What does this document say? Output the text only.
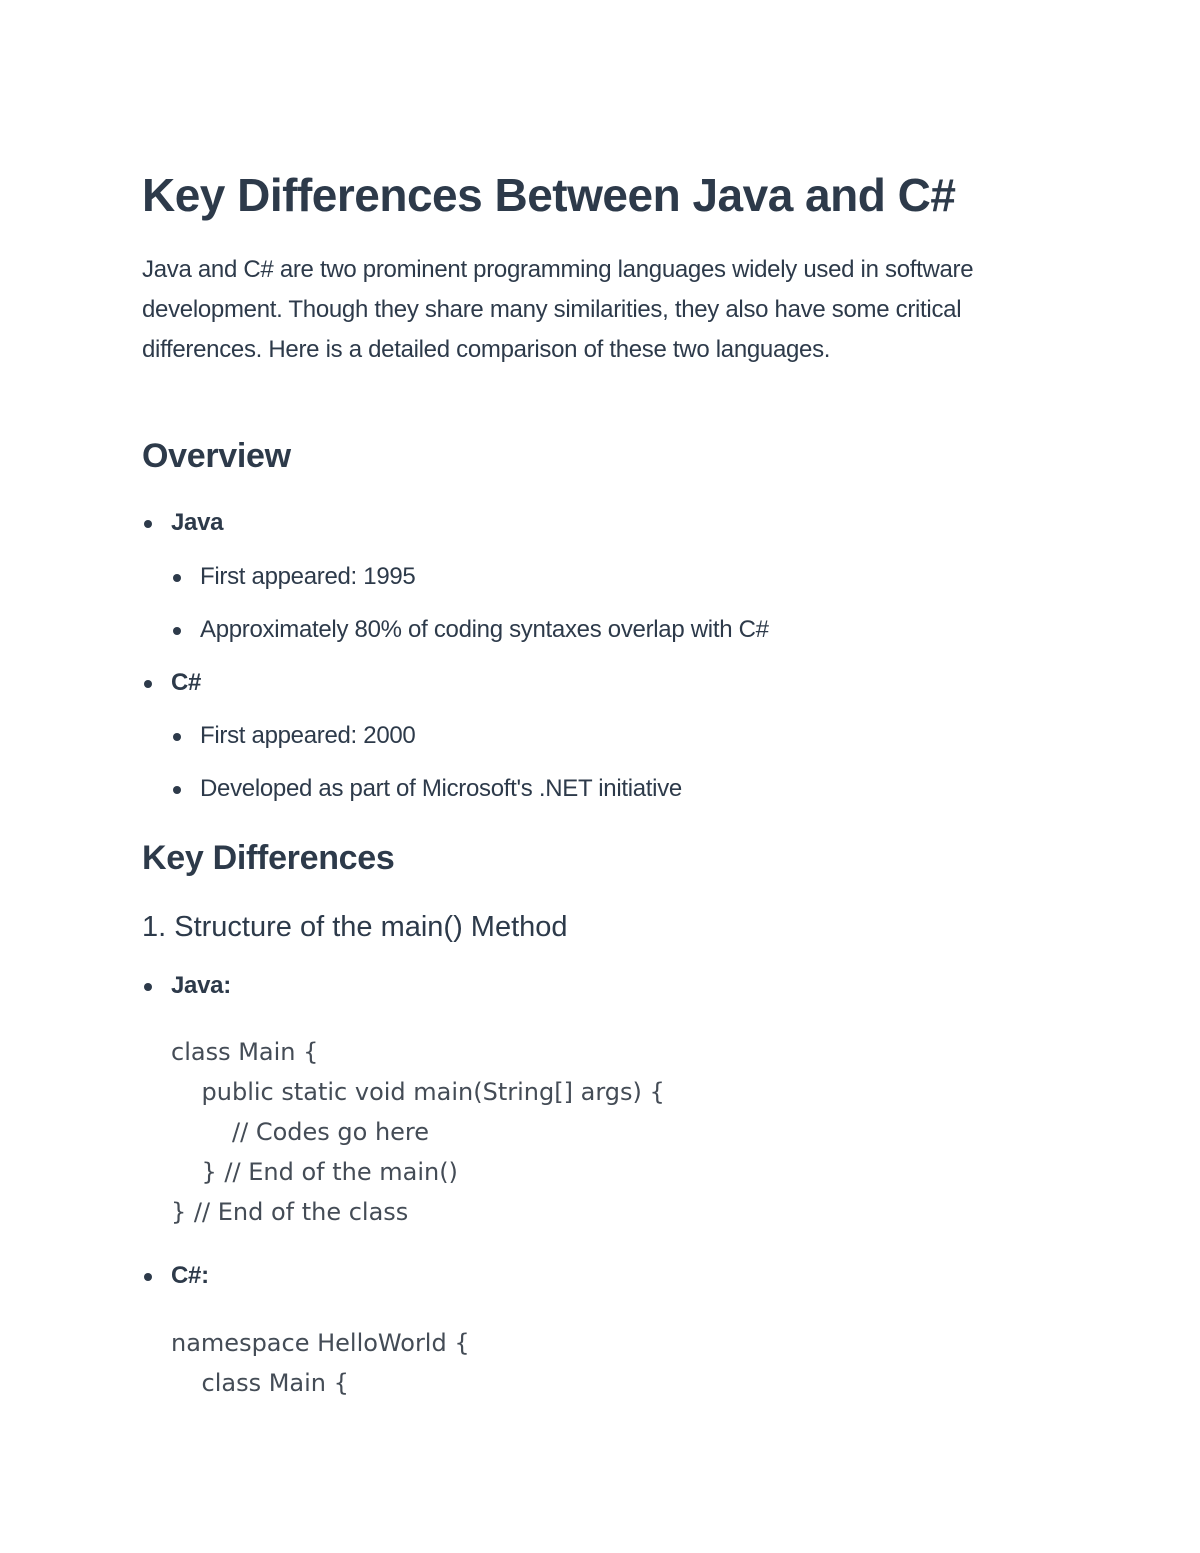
Key Differences Between Java and C#

Java and C# are two prominent programming languages widely used in software development. Though they share many similarities, they also have some critical differences. Here is a detailed comparison of these two languages.

Overview
Java
First appeared: 1995
Approximately 80% of coding syntaxes overlap with C#
C#
First appeared: 2000
Developed as part of Microsoft's .NET initiative
Key Differences
1. Structure of the main() Method
Java:
class Main {
public static void main(String[] args) {
// Codes go here
} // End of the main()
} // End of the class
C#:
namespace HelloWorld {
class Main {
